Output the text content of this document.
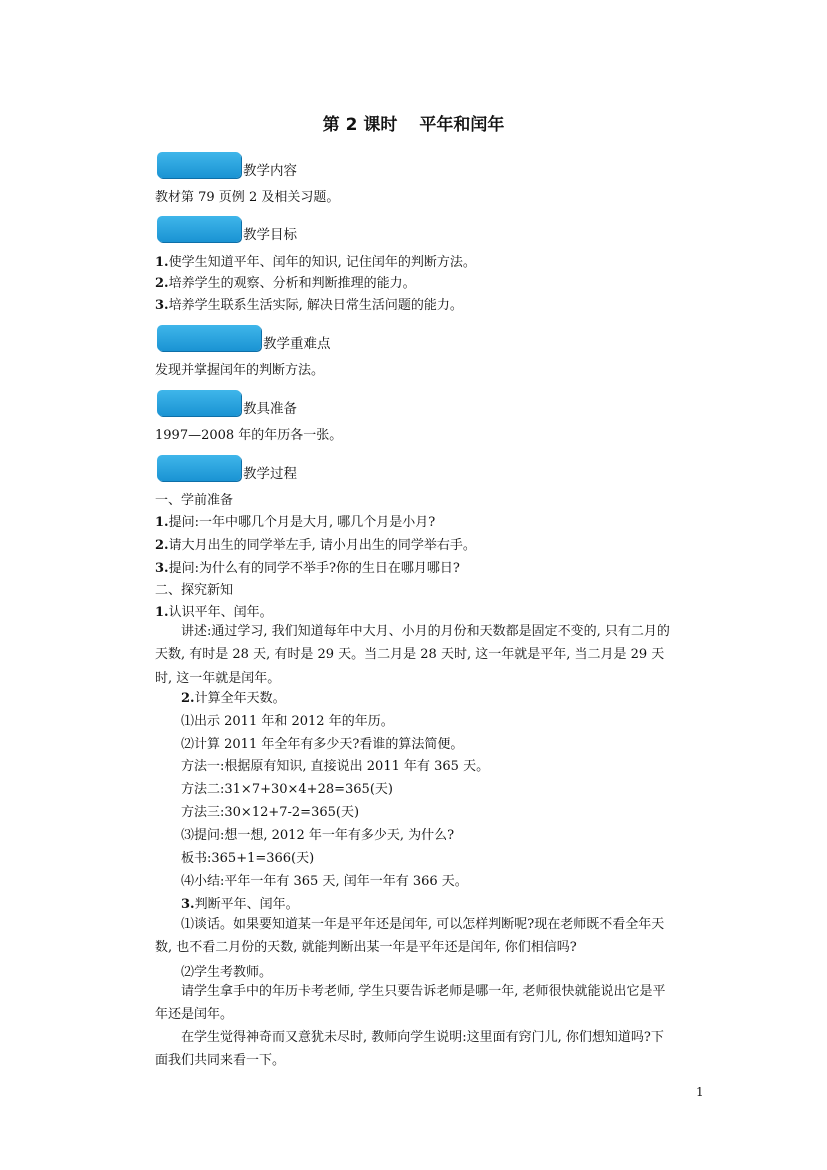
第 2 课时 平年和闰年
教学内容
教材第 79 页例 2 及相关习题。
教学目标
1.使学生知道平年、闰年的知识, 记住闰年的判断方法。
2.培养学生的观察、分析和判断推理的能力。
3.培养学生联系生活实际, 解决日常生活问题的能力。
教学重难点
发现并掌握闰年的判断方法。
教具准备
1997—2008 年的年历各一张。
教学过程
一、学前准备
1.提问:一年中哪几个月是大月, 哪几个月是小月?
2.请大月出生的同学举左手, 请小月出生的同学举右手。
3.提问:为什么有的同学不举手?你的生日在哪月哪日?
二、探究新知
1.认识平年、闰年。
讲述:通过学习, 我们知道每年中大月、小月的月份和天数都是固定不变的, 只有二月的天数, 有时是 28 天, 有时是 29 天。当二月是 28 天时, 这一年就是平年, 当二月是 29 天时, 这一年就是闰年。
2.计算全年天数。
⑴出示 2011 年和 2012 年的年历。
⑵计算 2011 年全年有多少天?看谁的算法简便。
方法一:根据原有知识, 直接说出 2011 年有 365 天。
方法二:31×7+30×4+28=365(天)
方法三:30×12+7-2=365(天)
⑶提问:想一想, 2012 年一年有多少天, 为什么?
板书:365+1=366(天)
⑷小结:平年一年有 365 天, 闰年一年有 366 天。
3.判断平年、闰年。
⑴谈话。如果要知道某一年是平年还是闰年, 可以怎样判断呢?现在老师既不看全年天数, 也不看二月份的天数, 就能判断出某一年是平年还是闰年, 你们相信吗?
⑵学生考教师。
请学生拿手中的年历卡考老师, 学生只要告诉老师是哪一年, 老师很快就能说出它是平年还是闰年。
在学生觉得神奇而又意犹未尽时, 教师向学生说明:这里面有窍门儿, 你们想知道吗?下面我们共同来看一下。
1
